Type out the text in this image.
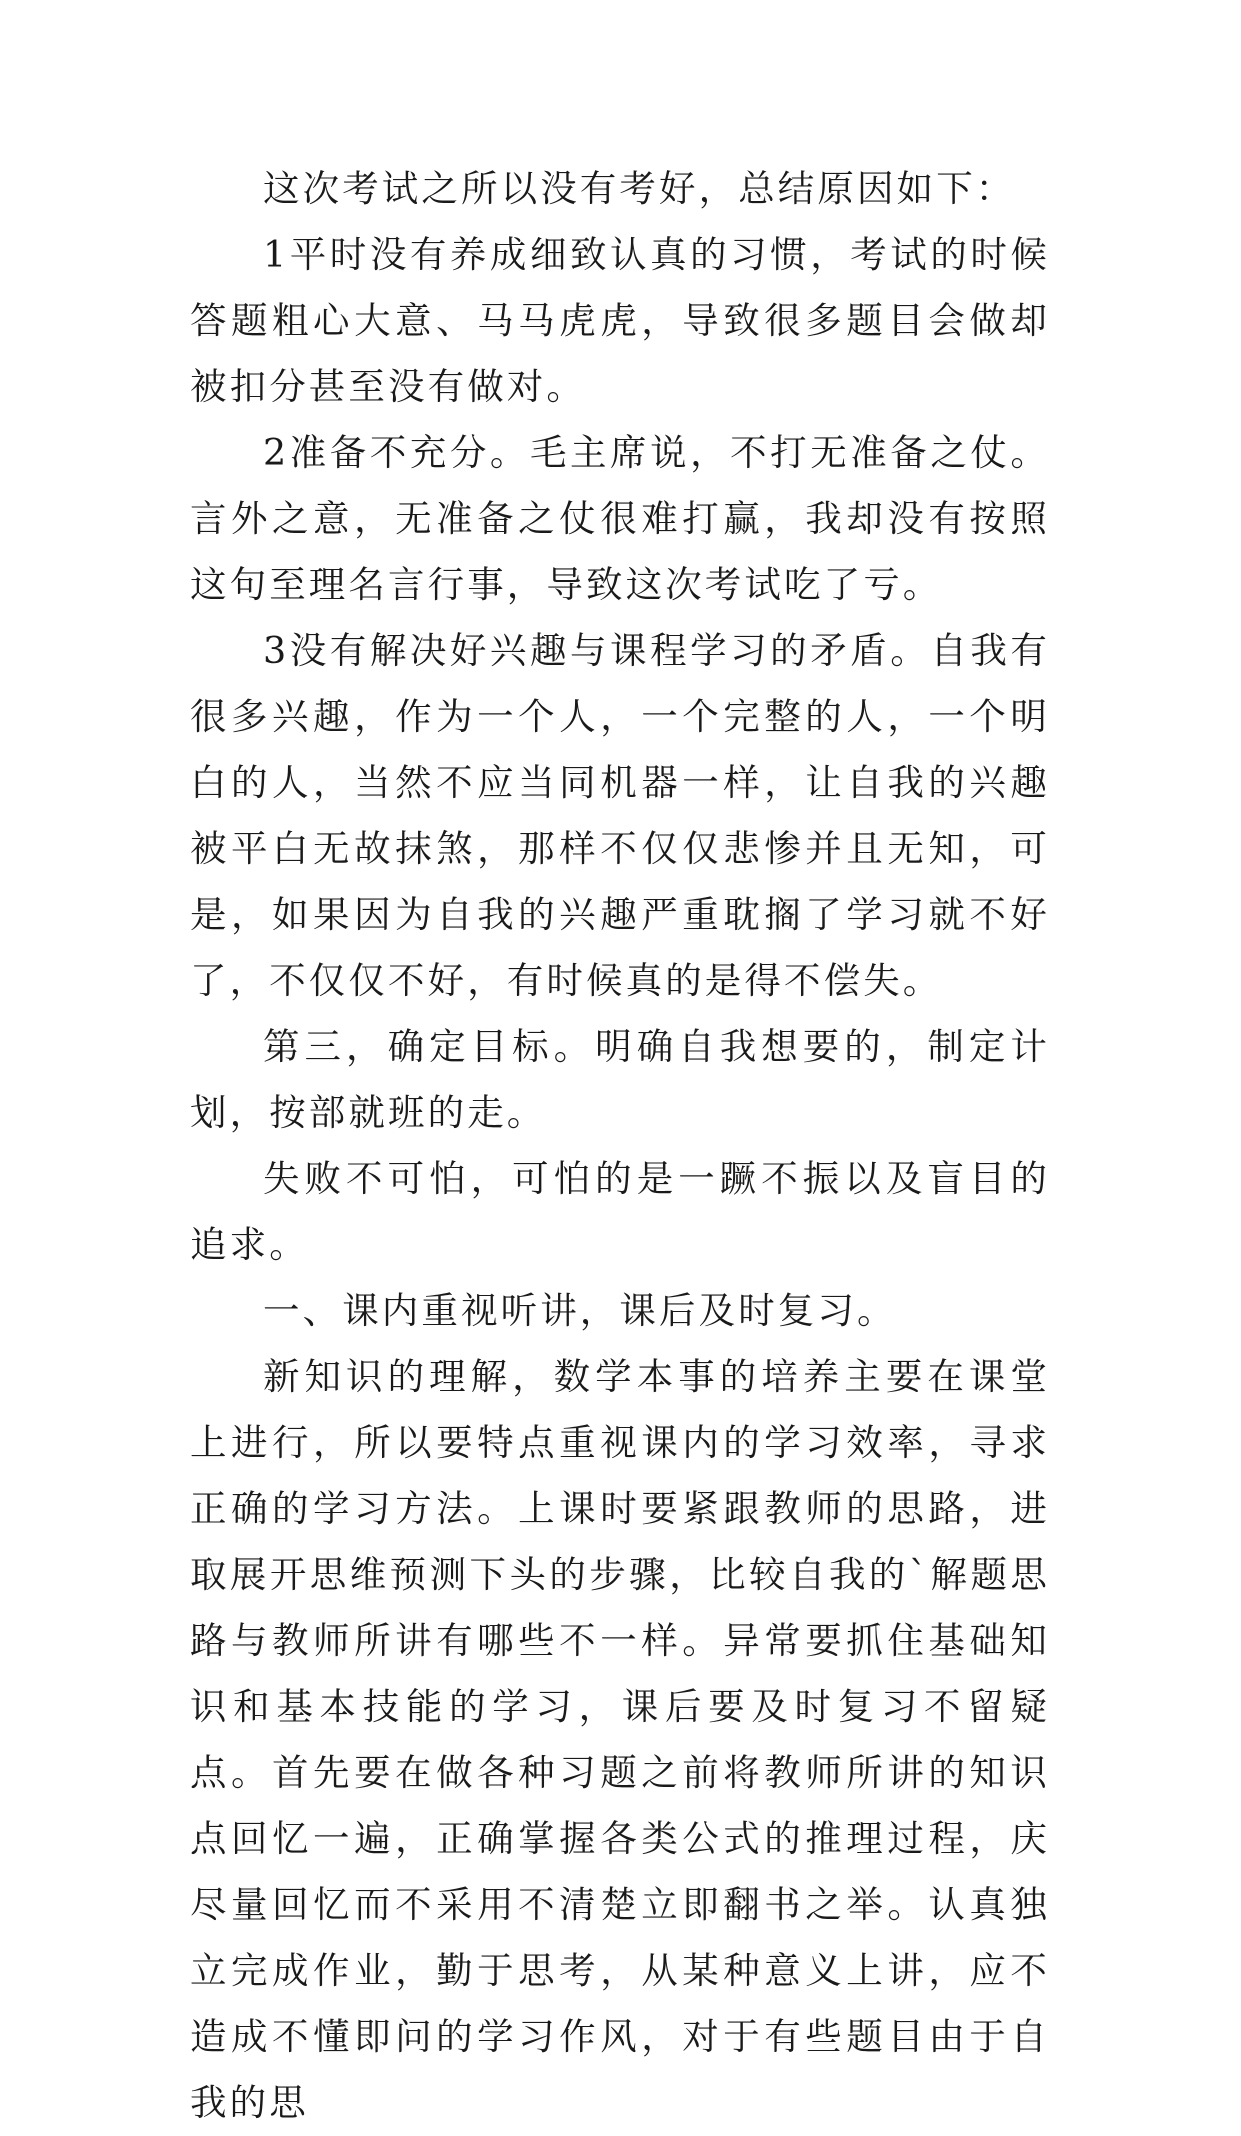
这次考试之所以没有考好，总结原因如下：

1平时没有养成细致认真的习惯，考试的时候答题粗心大意、马马虎虎，导致很多题目会做却被扣分甚至没有做对。

2准备不充分。毛主席说，不打无准备之仗。言外之意，无准备之仗很难打赢，我却没有按照这句至理名言行事，导致这次考试吃了亏。

3没有解决好兴趣与课程学习的矛盾。自我有很多兴趣，作为一个人，一个完整的人，一个明白的人，当然不应当同机器一样，让自我的兴趣被平白无故抹煞，那样不仅仅悲惨并且无知，可是，如果因为自我的兴趣严重耽搁了学习就不好了，不仅仅不好，有时候真的是得不偿失。

第三，确定目标。明确自我想要的，制定计划，按部就班的走。

失败不可怕，可怕的是一蹶不振以及盲目的追求。

一、课内重视听讲，课后及时复习。

新知识的理解，数学本事的培养主要在课堂上进行，所以要特点重视课内的学习效率，寻求正确的学习方法。上课时要紧跟教师的思路，进取展开思维预测下头的步骤，比较自我的`解题思路与教师所讲有哪些不一样。异常要抓住基础知识和基本技能的学习，课后要及时复习不留疑点。首先要在做各种习题之前将教师所讲的知识点回忆一遍，正确掌握各类公式的推理过程，庆尽量回忆而不采用不清楚立即翻书之举。认真独立完成作业，勤于思考，从某种意义上讲，应不造成不懂即问的学习作风，对于有些题目由于自我的思
